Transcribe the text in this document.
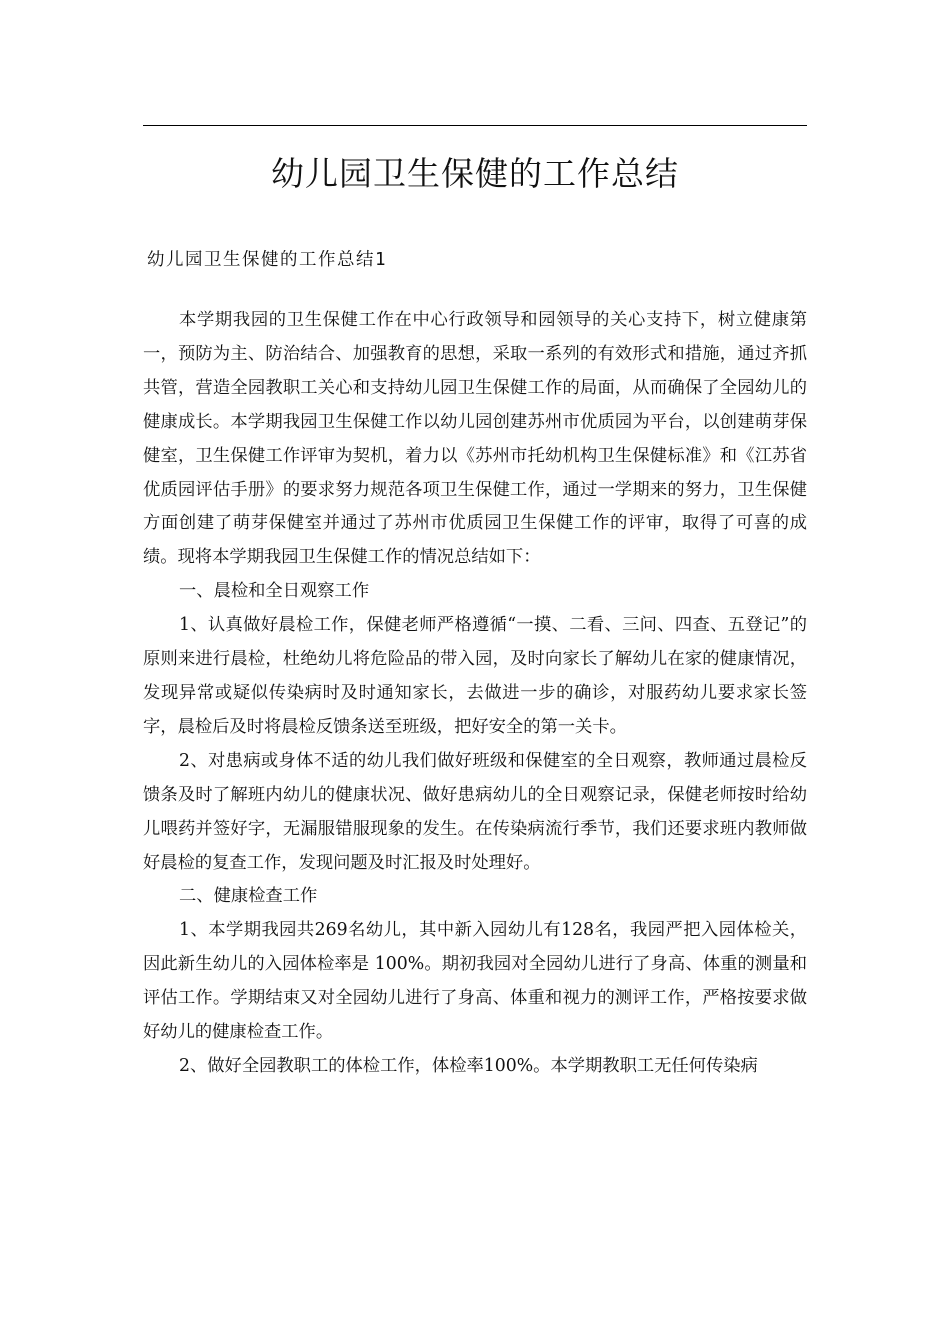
幼儿园卫生保健的工作总结
幼儿园卫生保健的工作总结1

本学期我园的卫生保健工作在中心行政领导和园领导的关心支持下，树立健康第一，预防为主、防治结合、加强教育的思想，采取一系列的有效形式和措施，通过齐抓共管，营造全园教职工关心和支持幼儿园卫生保健工作的局面，从而确保了全园幼儿的健康成长。本学期我园卫生保健工作以幼儿园创建苏州市优质园为平台，以创建萌芽保健室，卫生保健工作评审为契机，着力以《苏州市托幼机构卫生保健标准》和《江苏省优质园评估手册》的要求努力规范各项卫生保健工作，通过一学期来的努力，卫生保健方面创建了萌芽保健室并通过了苏州市优质园卫生保健工作的评审，取得了可喜的成绩。现将本学期我园卫生保健工作的情况总结如下：

一、晨检和全日观察工作

1、认真做好晨检工作，保健老师严格遵循“一摸、二看、三问、四查、五登记”的原则来进行晨检，杜绝幼儿将危险品的带入园，及时向家长了解幼儿在家的健康情况，发现异常或疑似传染病时及时通知家长，去做进一步的确诊，对服药幼儿要求家长签字，晨检后及时将晨检反馈条送至班级，把好安全的第一关卡。

2、对患病或身体不适的幼儿我们做好班级和保健室的全日观察，教师通过晨检反馈条及时了解班内幼儿的健康状况、做好患病幼儿的全日观察记录，保健老师按时给幼儿喂药并签好字，无漏服错服现象的发生。在传染病流行季节，我们还要求班内教师做好晨检的复查工作，发现问题及时汇报及时处理好。

二、健康检查工作

1、本学期我园共269名幼儿，其中新入园幼儿有128名，我园严把入园体检关，因此新生幼儿的入园体检率是 100%。期初我园对全园幼儿进行了身高、体重的测量和评估工作。学期结束又对全园幼儿进行了身高、体重和视力的测评工作，严格按要求做好幼儿的健康检查工作。

2、做好全园教职工的体检工作，体检率100%。本学期教职工无任何传染病
